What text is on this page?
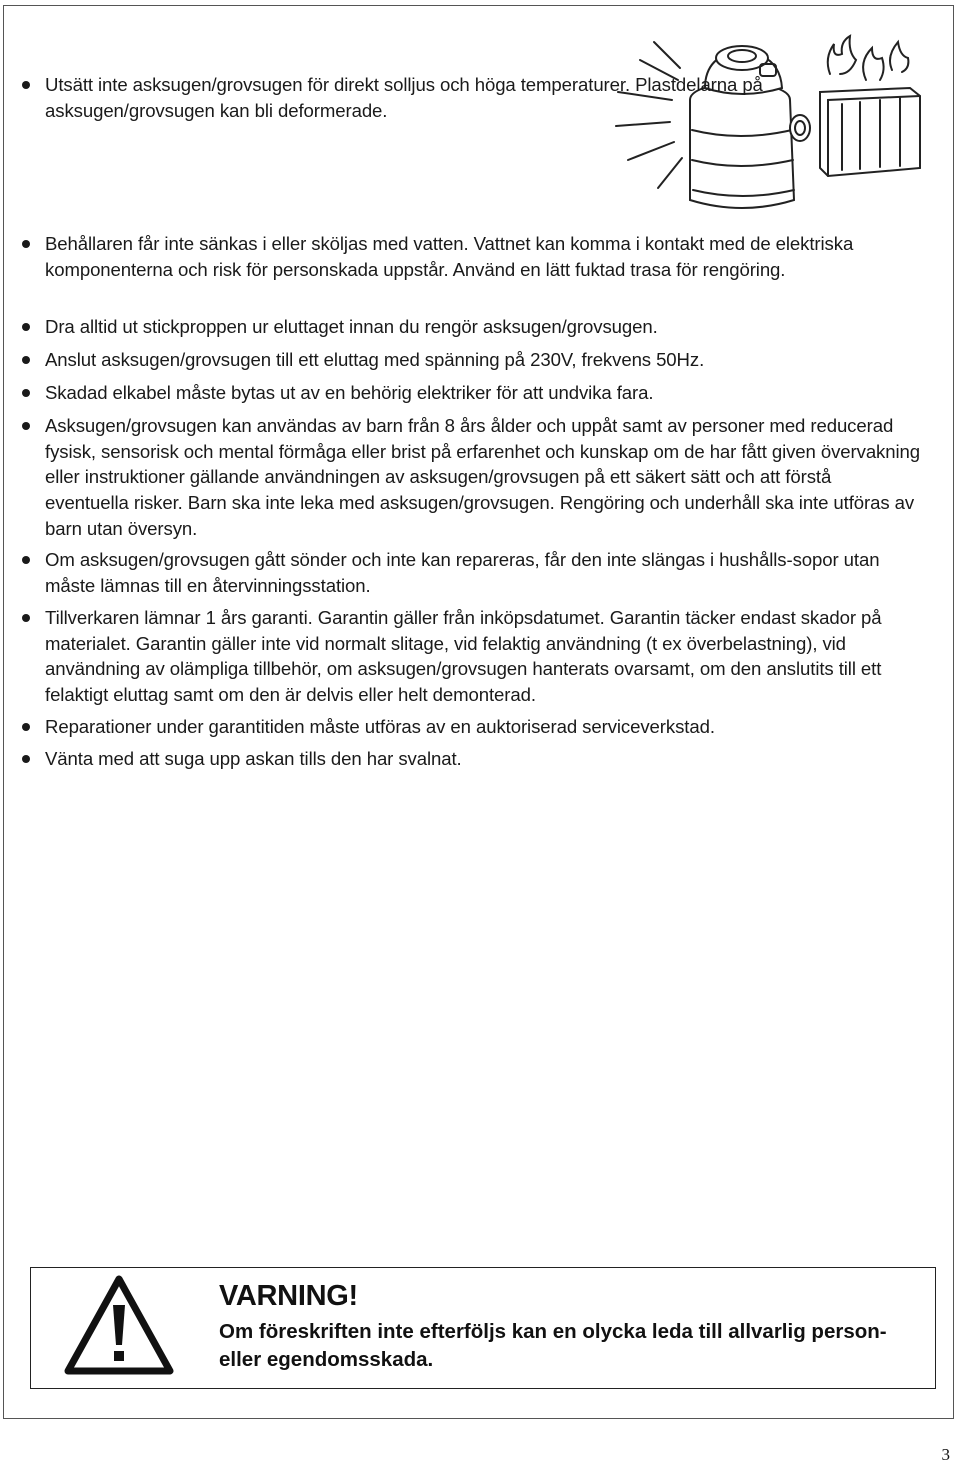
Utsätt inte asksugen/grovsugen för direkt solljus och höga temperaturer. Plastdelarna på asksugen/grovsugen kan bli deformerade.
Behållaren får inte sänkas i eller sköljas med vatten. Vattnet kan komma i kontakt med de elektriska komponenterna och risk för personskada uppstår. Använd en lätt fuktad trasa för rengöring.
Dra alltid ut stickproppen ur eluttaget innan du rengör asksugen/grovsugen.
Anslut asksugen/grovsugen till ett eluttag med spänning på 230V, frekvens 50Hz.
Skadad elkabel måste bytas ut av en behörig elektriker för att undvika fara.
Asksugen/grovsugen kan användas av barn från 8 års ålder och uppåt samt av personer med reducerad fysisk, sensorisk och mental förmåga eller brist på erfarenhet och kunskap om de har fått given övervakning eller instruktioner gällande användningen av asksugen/grovsugen på ett säkert sätt och att förstå eventuella risker. Barn ska inte leka med asksugen/grovsugen. Rengöring och underhåll ska inte utföras av barn utan översyn.
Om asksugen/grovsugen gått sönder och inte kan repareras, får den inte slängas i hushålls-sopor utan måste lämnas till en återvinningsstation.
Tillverkaren lämnar 1 års garanti. Garantin gäller från inköpsdatumet. Garantin täcker endast skador på materialet. Garantin gäller inte vid normalt slitage, vid felaktig användning (t ex överbelastning), vid användning av olämpliga tillbehör, om asksugen/grovsugen hanterats ovarsamt, om den anslutits till ett felaktigt eluttag samt om den är delvis eller helt demonterad.
Reparationer under garantitiden måste utföras av en auktoriserad serviceverkstad.
Vänta med att suga upp askan tills den har svalnat.
VARNING!
Om föreskriften inte efterföljs kan en olycka leda till allvarlig person- eller egendomsskada.
3
